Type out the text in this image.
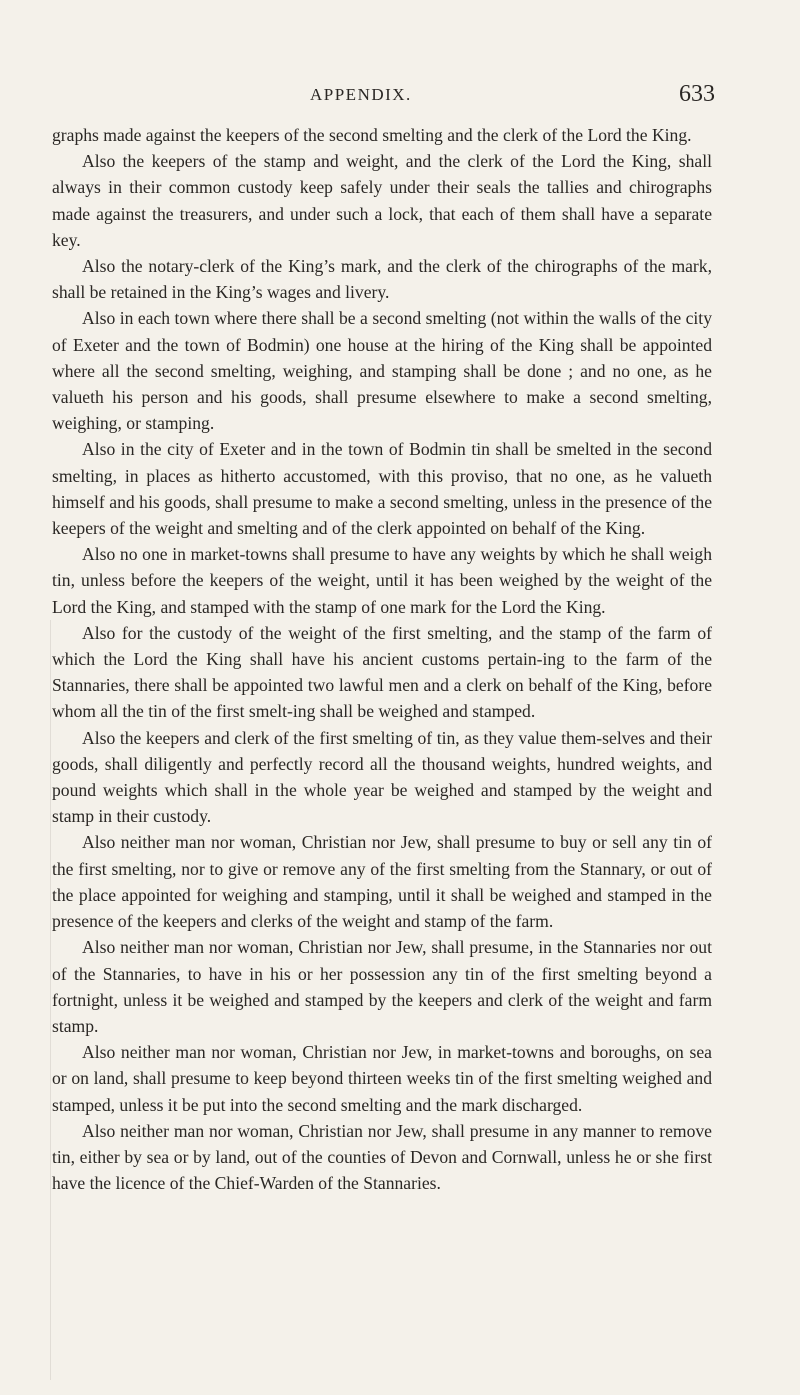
APPENDIX.	633

graphs made against the keepers of the second smelting and the clerk of the Lord the King.

Also the keepers of the stamp and weight, and the clerk of the Lord the King, shall always in their common custody keep safely under their seals the tallies and chirographs made against the treasurers, and under such a lock, that each of them shall have a separate key.

Also the notary-clerk of the King’s mark, and the clerk of the chirographs of the mark, shall be retained in the King’s wages and livery.

Also in each town where there shall be a second smelting (not within the walls of the city of Exeter and the town of Bodmin) one house at the hiring of the King shall be appointed where all the second smelting, weighing, and stamping shall be done ; and no one, as he valueth his person and his goods, shall presume elsewhere to make a second smelting, weighing, or stamping.

Also in the city of Exeter and in the town of Bodmin tin shall be smelted in the second smelting, in places as hitherto accustomed, with this proviso, that no one, as he valueth himself and his goods, shall presume to make a second smelting, unless in the presence of the keepers of the weight and smelting and of the clerk appointed on behalf of the King.

Also no one in market-towns shall presume to have any weights by which he shall weigh tin, unless before the keepers of the weight, until it has been weighed by the weight of the Lord the King, and stamped with the stamp of one mark for the Lord the King.

Also for the custody of the weight of the first smelting, and the stamp of the farm of which the Lord the King shall have his ancient customs pertain-ing to the farm of the Stannaries, there shall be appointed two lawful men and a clerk on behalf of the King, before whom all the tin of the first smelt-ing shall be weighed and stamped.

Also the keepers and clerk of the first smelting of tin, as they value them-selves and their goods, shall diligently and perfectly record all the thousand weights, hundred weights, and pound weights which shall in the whole year be weighed and stamped by the weight and stamp in their custody.

Also neither man nor woman, Christian nor Jew, shall presume to buy or sell any tin of the first smelting, nor to give or remove any of the first smelting from the Stannary, or out of the place appointed for weighing and stamping, until it shall be weighed and stamped in the presence of the keepers and clerks of the weight and stamp of the farm.

Also neither man nor woman, Christian nor Jew, shall presume, in the Stannaries nor out of the Stannaries, to have in his or her possession any tin of the first smelting beyond a fortnight, unless it be weighed and stamped by the keepers and clerk of the weight and farm stamp.

Also neither man nor woman, Christian nor Jew, in market-towns and boroughs, on sea or on land, shall presume to keep beyond thirteen weeks tin of the first smelting weighed and stamped, unless it be put into the second smelting and the mark discharged.

Also neither man nor woman, Christian nor Jew, shall presume in any manner to remove tin, either by sea or by land, out of the counties of Devon and Cornwall, unless he or she first have the licence of the Chief-Warden of the Stannaries.
